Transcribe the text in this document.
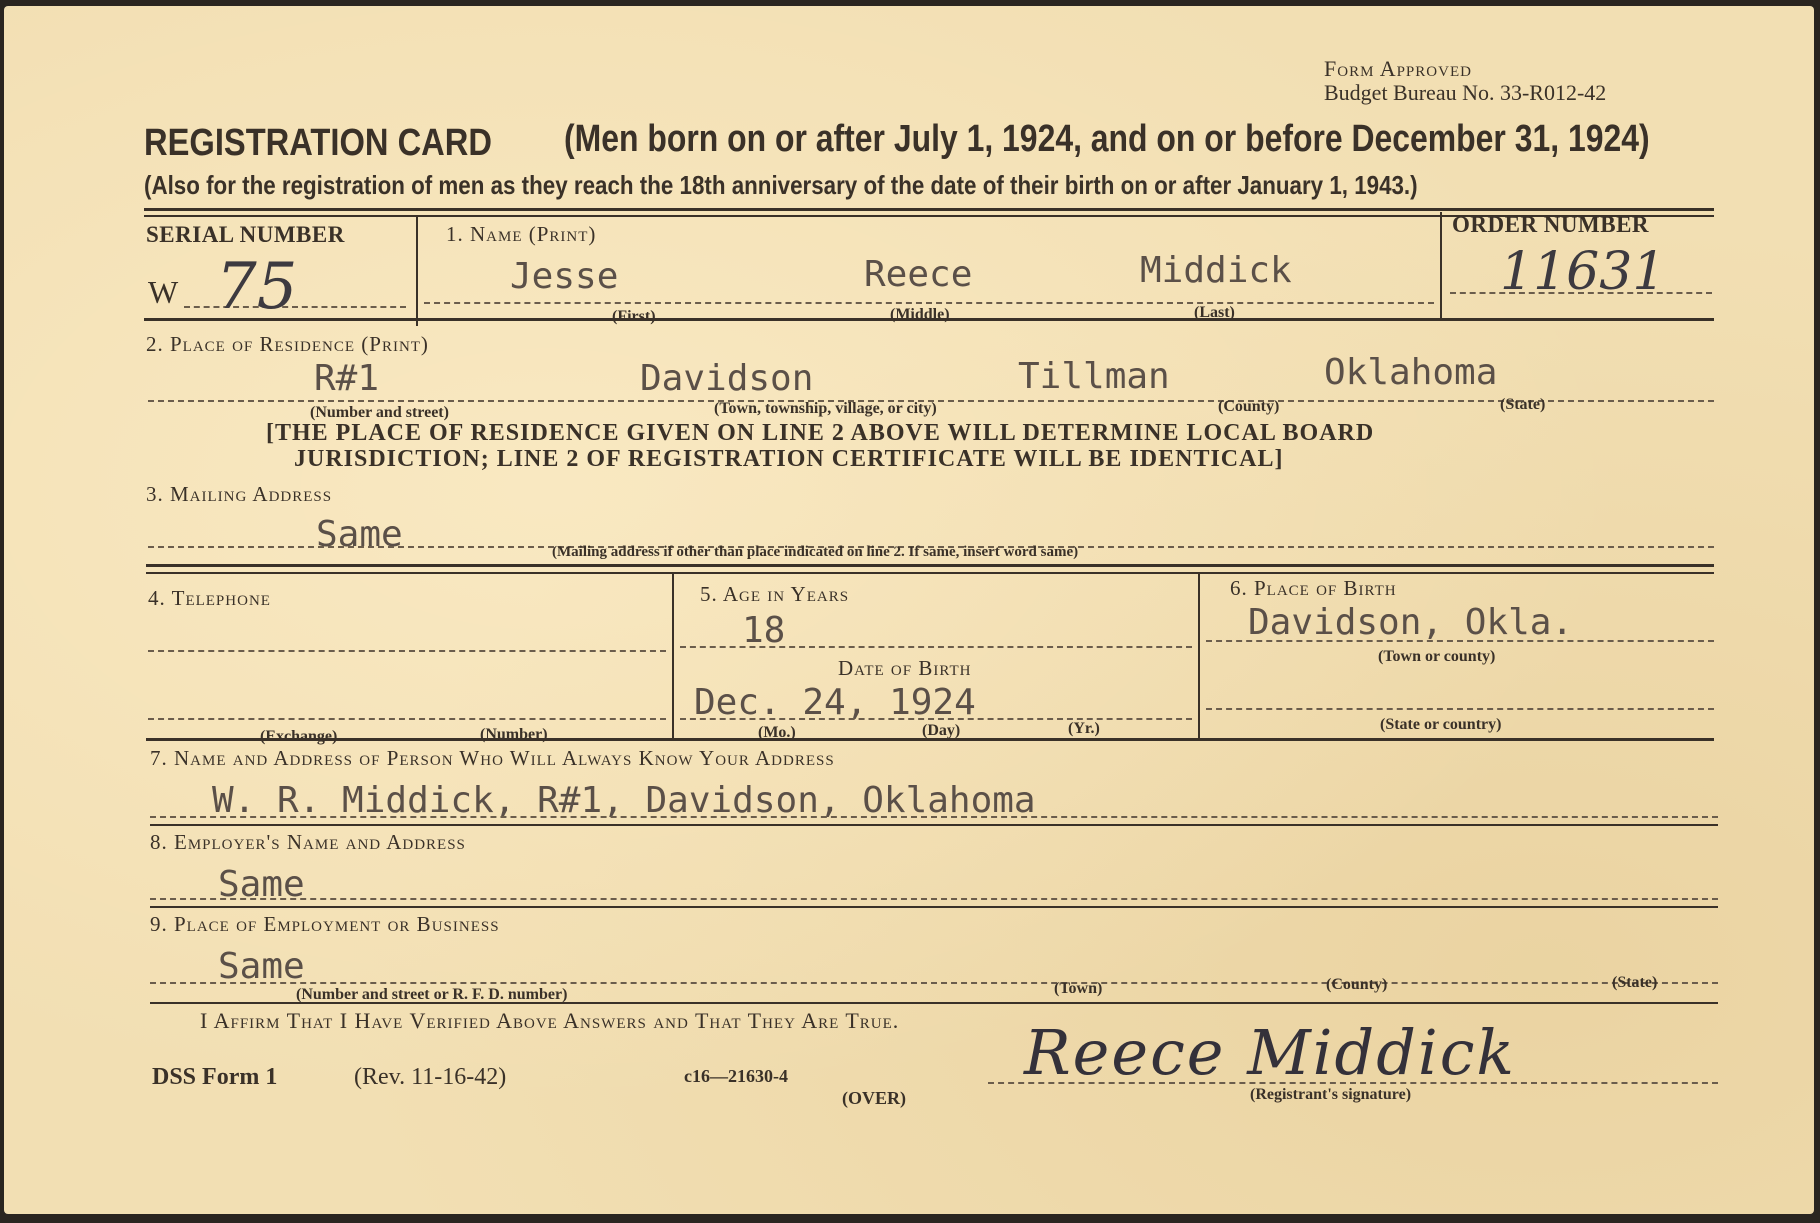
Form Approved
Budget Bureau No. 33-R012-42
REGISTRATION CARD (Men born on or after July 1, 1924, and on or before December 31, 1924)
(Also for the registration of men as they reach the 18th anniversary of the date of their birth on or after January 1, 1943.)
SERIAL NUMBER
W 75
1. Name (Print)
Jesse	Reece	Middick
(First)	(Middle)	(Last)
ORDER NUMBER
11631
2. Place of Residence (Print)
R#1	Davidson	Tillman	Oklahoma
(Number and street)	(Town, township, village, or city)	(County)	(State)
[THE PLACE OF RESIDENCE GIVEN ON LINE 2 ABOVE WILL DETERMINE LOCAL BOARD
JURISDICTION; LINE 2 OF REGISTRATION CERTIFICATE WILL BE IDENTICAL]
3. Mailing Address
Same	(Mailing address if other than place indicated on line 2. If same, insert word same)
4. Telephone
(Exchange)	(Number)
5. Age in Years
18
Date of Birth
Dec. 24, 1924
(Mo.)	(Day)	(Yr.)
6. Place of Birth
Davidson, Okla.
(Town or county)
(State or country)
7. Name and Address of Person Who Will Always Know Your Address
W. R. Middick, R#1, Davidson, Oklahoma
8. Employer's Name and Address
Same
9. Place of Employment or Business
Same
(Number and street or R. F. D. number)	(Town)	(County)	(State)
I Affirm That I Have Verified Above Answers and That They Are True.
DSS Form 1	(Rev. 11-16-42)	c16—21630-4
(OVER)
Reece Middick
(Registrant's signature)
